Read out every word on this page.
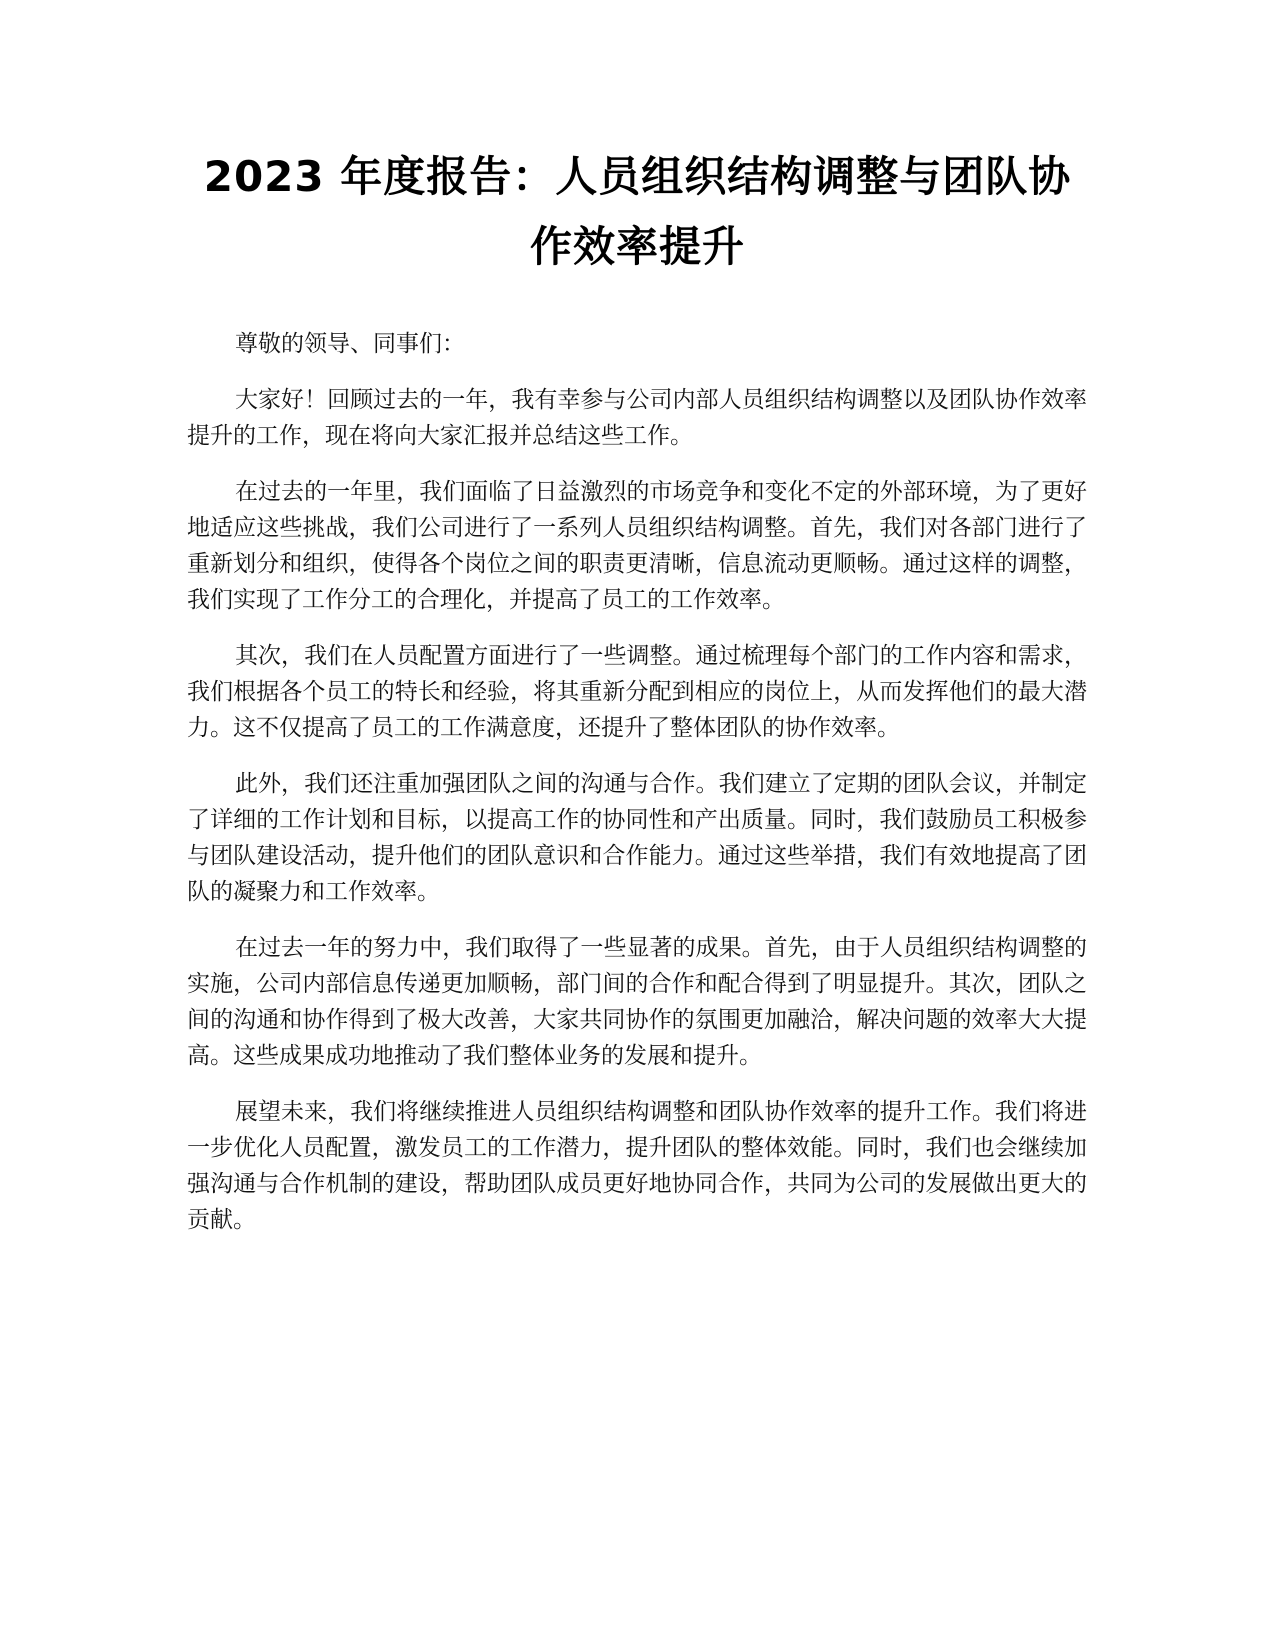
2023 年度报告：人员组织结构调整与团队协
作效率提升

尊敬的领导、同事们：

大家好！回顾过去的一年，我有幸参与公司内部人员组织结构调整以及团队协作效率提升的工作，现在将向大家汇报并总结这些工作。

在过去的一年里，我们面临了日益激烈的市场竞争和变化不定的外部环境，为了更好地适应这些挑战，我们公司进行了一系列人员组织结构调整。首先，我们对各部门进行了重新划分和组织，使得各个岗位之间的职责更清晰，信息流动更顺畅。通过这样的调整，我们实现了工作分工的合理化，并提高了员工的工作效率。

其次，我们在人员配置方面进行了一些调整。通过梳理每个部门的工作内容和需求，我们根据各个员工的特长和经验，将其重新分配到相应的岗位上，从而发挥他们的最大潜力。这不仅提高了员工的工作满意度，还提升了整体团队的协作效率。

此外，我们还注重加强团队之间的沟通与合作。我们建立了定期的团队会议，并制定了详细的工作计划和目标，以提高工作的协同性和产出质量。同时，我们鼓励员工积极参与团队建设活动，提升他们的团队意识和合作能力。通过这些举措，我们有效地提高了团队的凝聚力和工作效率。

在过去一年的努力中，我们取得了一些显著的成果。首先，由于人员组织结构调整的实施，公司内部信息传递更加顺畅，部门间的合作和配合得到了明显提升。其次，团队之间的沟通和协作得到了极大改善，大家共同协作的氛围更加融洽，解决问题的效率大大提高。这些成果成功地推动了我们整体业务的发展和提升。

展望未来，我们将继续推进人员组织结构调整和团队协作效率的提升工作。我们将进一步优化人员配置，激发员工的工作潜力，提升团队的整体效能。同时，我们也会继续加强沟通与合作机制的建设，帮助团队成员更好地协同合作，共同为公司的发展做出更大的贡献。
